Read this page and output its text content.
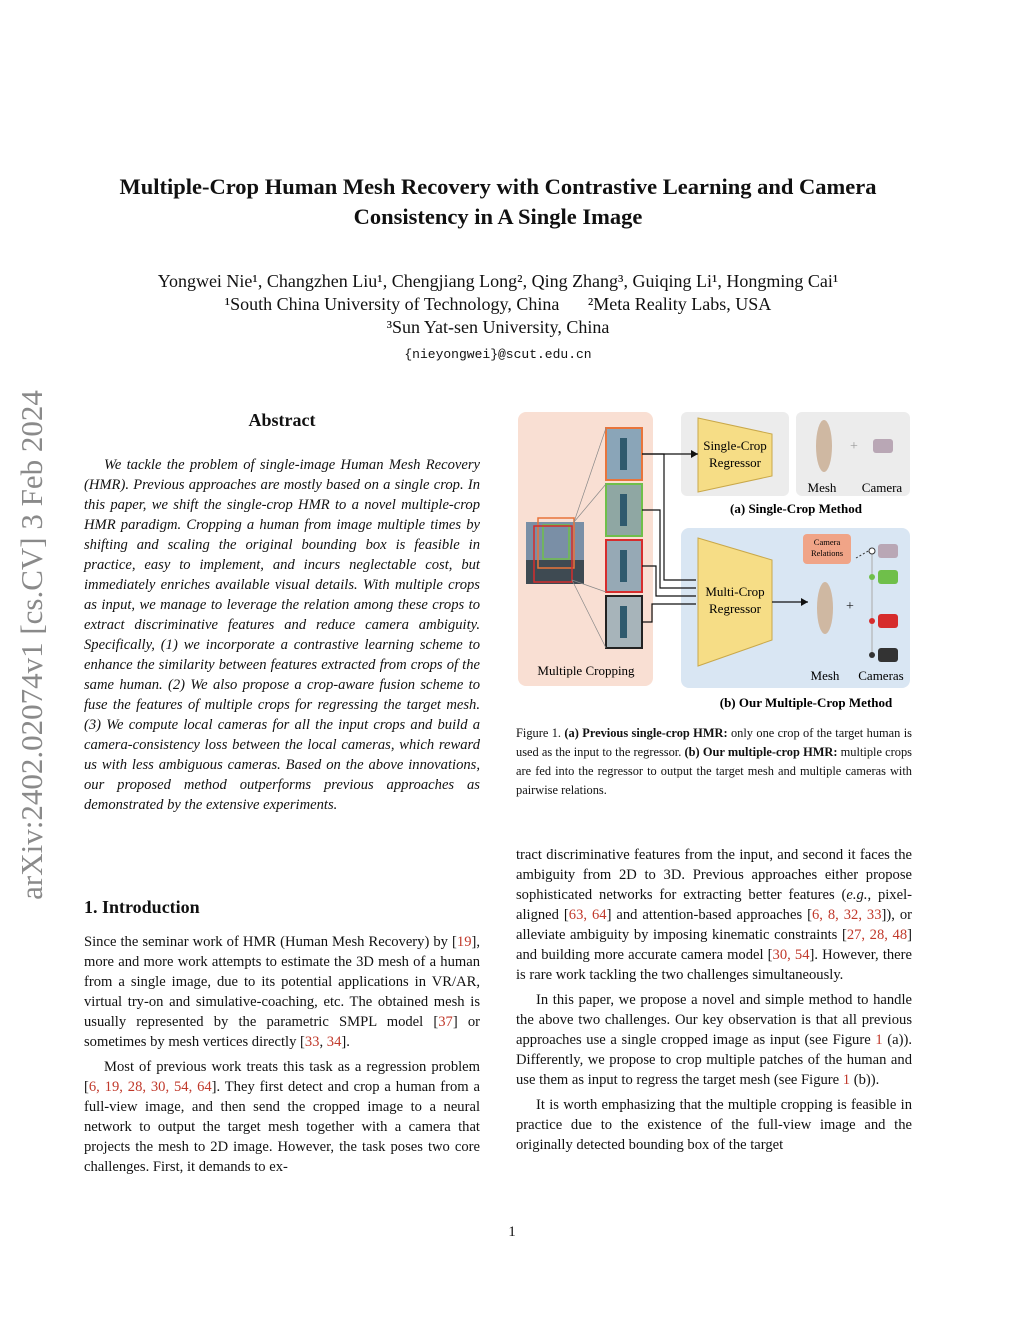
arXiv:2402.02074v1 [cs.CV] 3 Feb 2024
Multiple-Crop Human Mesh Recovery with Contrastive Learning and Camera
Consistency in A Single Image
Yongwei Nie¹, Changzhen Liu¹, Chengjiang Long², Qing Zhang³, Guiqing Li¹, Hongming Cai¹
¹South China University of Technology, China ²Meta Reality Labs, USA
³Sun Yat-sen University, China
{nieyongwei}@scut.edu.cn
Abstract
We tackle the problem of single-image Human Mesh Recovery (HMR). Previous approaches are mostly based on a single crop. In this paper, we shift the single-crop HMR to a novel multiple-crop HMR paradigm. Cropping a human from image multiple times by shifting and scaling the original bounding box is feasible in practice, easy to implement, and incurs neglectable cost, but immediately enriches available visual details. With multiple crops as input, we manage to leverage the relation among these crops to extract discriminative features and reduce camera ambiguity. Specifically, (1) we incorporate a contrastive learning scheme to enhance the similarity between features extracted from crops of the same human. (2) We also propose a crop-aware fusion scheme to fuse the features of multiple crops for regressing the target mesh. (3) We compute local cameras for all the input crops and build a camera-consistency loss between the local cameras, which reward us with less ambiguous cameras. Based on the above innovations, our proposed method outperforms previous approaches as demonstrated by the extensive experiments.
1. Introduction

Since the seminar work of HMR (Human Mesh Recovery) by [19], more and more work attempts to estimate the 3D mesh of a human from a single image, due to its potential applications in VR/AR, virtual try-on and simulative-coaching, etc. The obtained mesh is usually represented by the parametric SMPL model [37] or sometimes by mesh vertices directly [33, 34].

Most of previous work treats this task as a regression problem [6, 19, 28, 30, 54, 64]. They first detect and crop a human from a full-view image, and then send the cropped image to a neural network to output the target mesh together with a camera that projects the mesh to 2D image. However, the task poses two core challenges. First, it demands to ex-

Multiple Cropping
Single-Crop
Regressor
+
Mesh Camera
(a) Single-Crop Method
Multi-Crop
Regressor	+
Camera
Relations
Mesh Cameras
(b) Our Multiple-Crop Method
Figure 1. (a) Previous single-crop HMR: only one crop of the target human is used as the input to the regressor. (b) Our multiple-crop HMR: multiple crops are fed into the regressor to output the target mesh and multiple cameras with pairwise relations.

tract discriminative features from the input, and second it faces the ambiguity from 2D to 3D. Previous approaches either propose sophisticated networks for extracting better features (e.g., pixel-aligned [63, 64] and attention-based approaches [6, 8, 32, 33]), or alleviate ambiguity by imposing kinematic constraints [27, 28, 48] and building more accurate camera model [30, 54]. However, there is rare work tackling the two challenges simultaneously.

In this paper, we propose a novel and simple method to handle the above two challenges. Our key observation is that all previous approaches use a single cropped image as input (see Figure 1 (a)). Differently, we propose to crop multiple patches of the human and use them as input to regress the target mesh (see Figure 1 (b)).

It is worth emphasizing that the multiple cropping is feasible in practice due to the existence of the full-view image and the originally detected bounding box of the target

1
